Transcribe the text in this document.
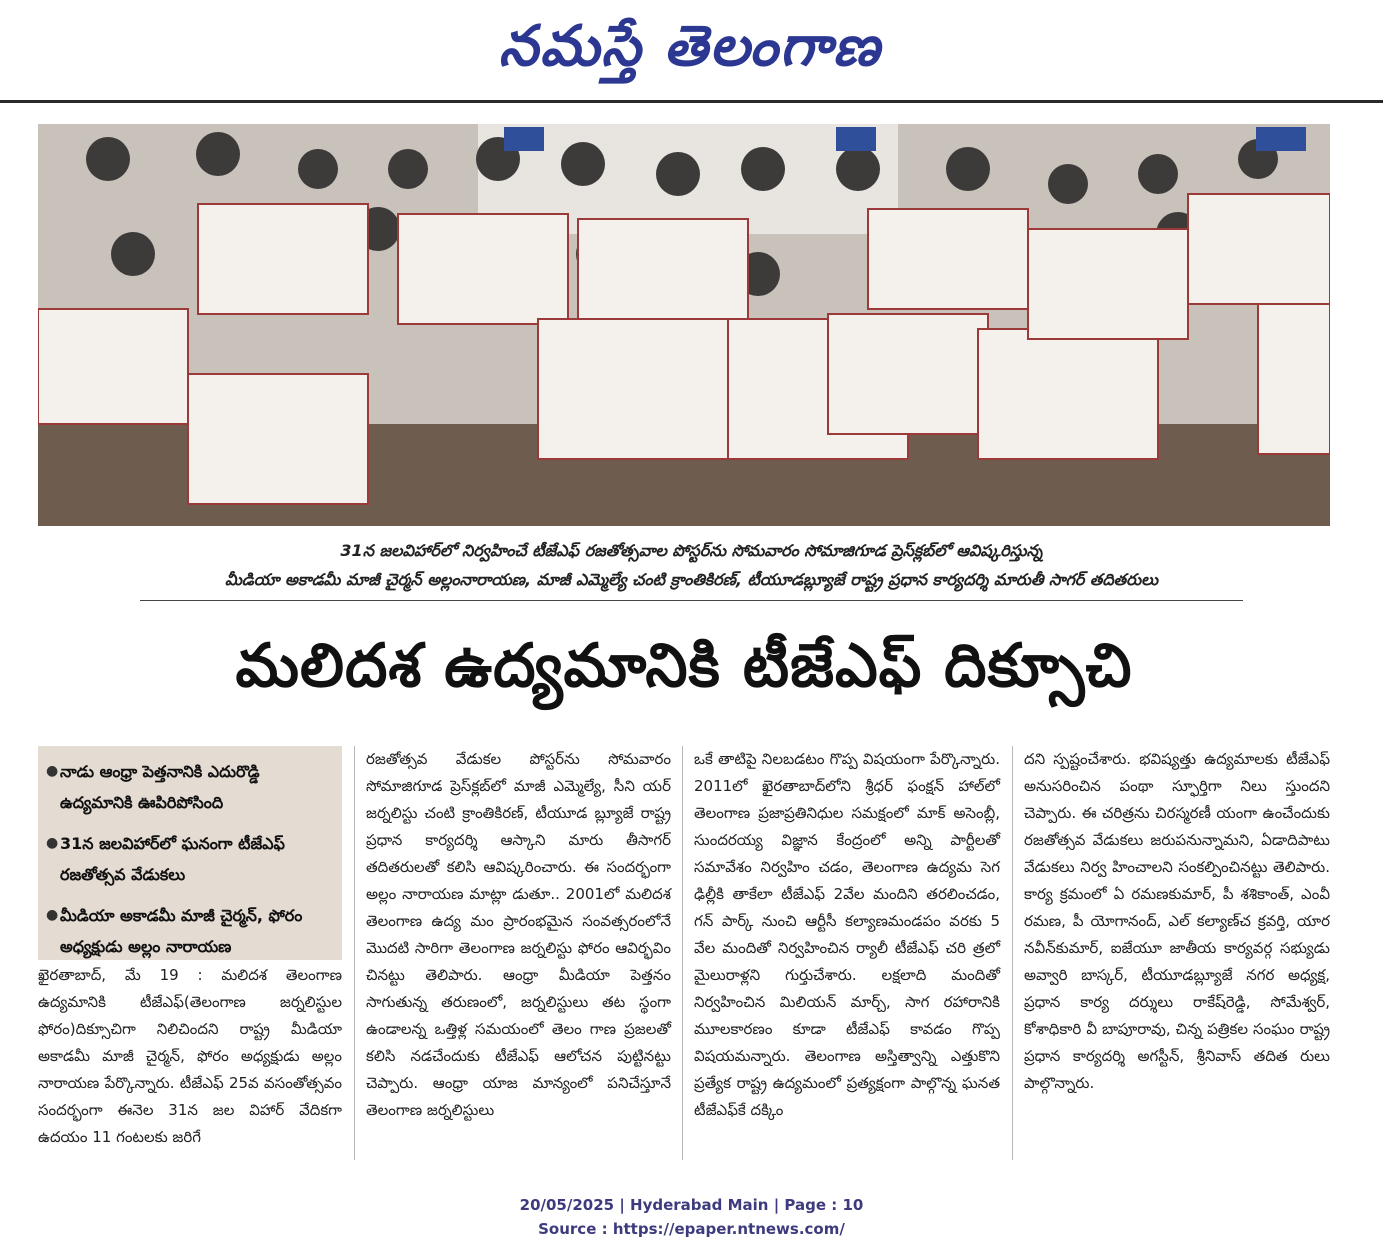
నమస్తే తెలంగాణ
31న జలవిహార్‌లో నిర్వహించే టీజేఎఫ్ రజతోత్సవాల పోస్టర్‌ను సోమవారం సోమాజిగూడ ప్రెస్‌క్లబ్‌లో ఆవిష్కరిస్తున్న
మీడియా అకాడమీ మాజీ చైర్మన్ అల్లంనారాయణ, మాజీ ఎమ్మెల్యే చంటి క్రాంతికిరణ్, టీయూడబ్ల్యూజే రాష్ట్ర ప్రధాన కార్యదర్శి మారుతీ సాగర్ తదితరులు
మలిదశ ఉద్యమానికి టీజేఎఫ్ దిక్సూచి
● నాడు ఆంధ్రా పెత్తనానికి ఎదురొడ్డి ఉద్యమానికి ఊపిరిపోసింది
● 31న జలవిహార్‌లో ఘనంగా టీజేఎఫ్ రజతోత్సవ వేడుకలు
● మీడియా అకాడమీ మాజీ చైర్మన్, ఫోరం అధ్యక్షుడు అల్లం నారాయణ

ఖైరతాబాద్, మే 19 : మలిదశ తెలంగాణ ఉద్యమానికి టీజేఎఫ్(తెలంగాణ జర్నలిస్టుల ఫోరం)దిక్సూచిగా నిలిచిందని రాష్ట్ర మీడియా అకాడమీ మాజీ చైర్మన్, ఫోరం అధ్యక్షుడు అల్లం నారాయణ పేర్కొన్నారు. టీజేఎఫ్ 25వ వసంతోత్సవం సందర్భంగా ఈనెల 31న జల విహార్ వేదికగా ఉదయం 11 గంటలకు జరిగే

రజతోత్సవ వేడుకల పోస్టర్‌ను సోమవారం సోమాజిగూడ ప్రెస్‌క్లబ్‌లో మాజీ ఎమ్మెల్యే, సీని యర్ జర్నలిస్టు చంటి క్రాంతికిరణ్, టీయూడ బ్ల్యూజే రాష్ట్ర ప్రధాన కార్యదర్శి ఆస్కాని మారు తీసాగర్ తదితరులతో కలిసి ఆవిష్కరించారు. ఈ సందర్భంగా అల్లం నారాయణ మాట్లా డుతూ.. 2001లో మలిదశ తెలంగాణ ఉద్య మం ప్రారంభమైన సంవత్సరంలోనే మొదటి సారిగా తెలంగాణ జర్నలిస్టు ఫోరం ఆవిర్భవిం చినట్టు తెలిపారు. ఆంధ్రా మీడియా పెత్తనం సాగుతున్న తరుణంలో, జర్నలిస్టులు తట స్థంగా ఉండాలన్న ఒత్తిళ్ల సమయంలో తెలం గాణ ప్రజలతో కలిసి నడచేందుకు టీజేఎఫ్ ఆలోచన పుట్టినట్టు చెప్పారు. ఆంధ్రా యాజ మాన్యంలో పనిచేస్తూనే తెలంగాణ జర్నలిస్టులు

ఒకే తాటిపై నిలబడటం గొప్ప విషయంగా పేర్కొన్నారు. 2011లో ఖైరతాబాద్‌లోని శ్రీధర్ ఫంక్షన్ హాల్‌లో తెలంగాణ ప్రజాప్రతినిధుల సమక్షంలో మాక్ అసెంబ్లీ, సుందరయ్య విజ్ఞాన కేంద్రంలో అన్ని పార్టీలతో సమావేశం నిర్వహిం చడం, తెలంగాణ ఉద్యమ సెగ ఢిల్లీకి తాకేలా టీజేఎఫ్ 2వేల మందిని తరలించడం, గన్ పార్క్ నుంచి ఆర్టీసీ కల్యాణమండపం వరకు 5 వేల మందితో నిర్వహించిన ర్యాలీ టీజేఎఫ్ చరి త్రలో మైలురాళ్లని గుర్తుచేశారు. లక్షలాది మందితో నిర్వహించిన మిలియన్ మార్చ్, సాగ రహారానికి మూలకారణం కూడా టీజేఎఫ్ కావడం గొప్ప విషయమన్నారు. తెలంగాణ అస్తిత్వాన్ని ఎత్తుకొని ప్రత్యేక రాష్ట్ర ఉద్యమంలో ప్రత్యక్షంగా పాల్గొన్న ఘనత టీజేఎఫ్‌కే దక్కిం

దని స్పష్టంచేశారు. భవిష్యత్తు ఉద్యమాలకు టీజేఎఫ్ అనుసరించిన పంథా స్ఫూర్తిగా నిలు స్తుందని చెప్పారు. ఈ చరిత్రను చిరస్మరణీ యంగా ఉంచేందుకు రజతోత్సవ వేడుకలు జరుపనున్నామని, ఏడాదిపాటు వేడుకలు నిర్వ హించాలని సంకల్పించినట్టు తెలిపారు. కార్య క్రమంలో ఏ రమణకుమార్, పీ శశికాంత్, ఎంవీ రమణ, పీ యోగానంద్, ఎల్ కల్యాణ్‌చ క్రవర్తి, యార నవీన్‌కుమార్, ఐజేయూ జాతీయ కార్యవర్గ సభ్యుడు అవ్వారి బాస్కర్, టీయూడబ్ల్యూజే నగర అధ్యక్ష, ప్రధాన కార్య దర్శులు రాకేష్‌రెడ్డి, సోమేశ్వర్, కోశాధికారి వీ బాపూరావు, చిన్న పత్రికల సంఘం రాష్ట్ర ప్రధాన కార్యదర్శి అగస్టీన్, శ్రీనివాస్ తదిత రులు పాల్గొన్నారు.

20/05/2025 | Hyderabad Main | Page : 10
Source : https://epaper.ntnews.com/
